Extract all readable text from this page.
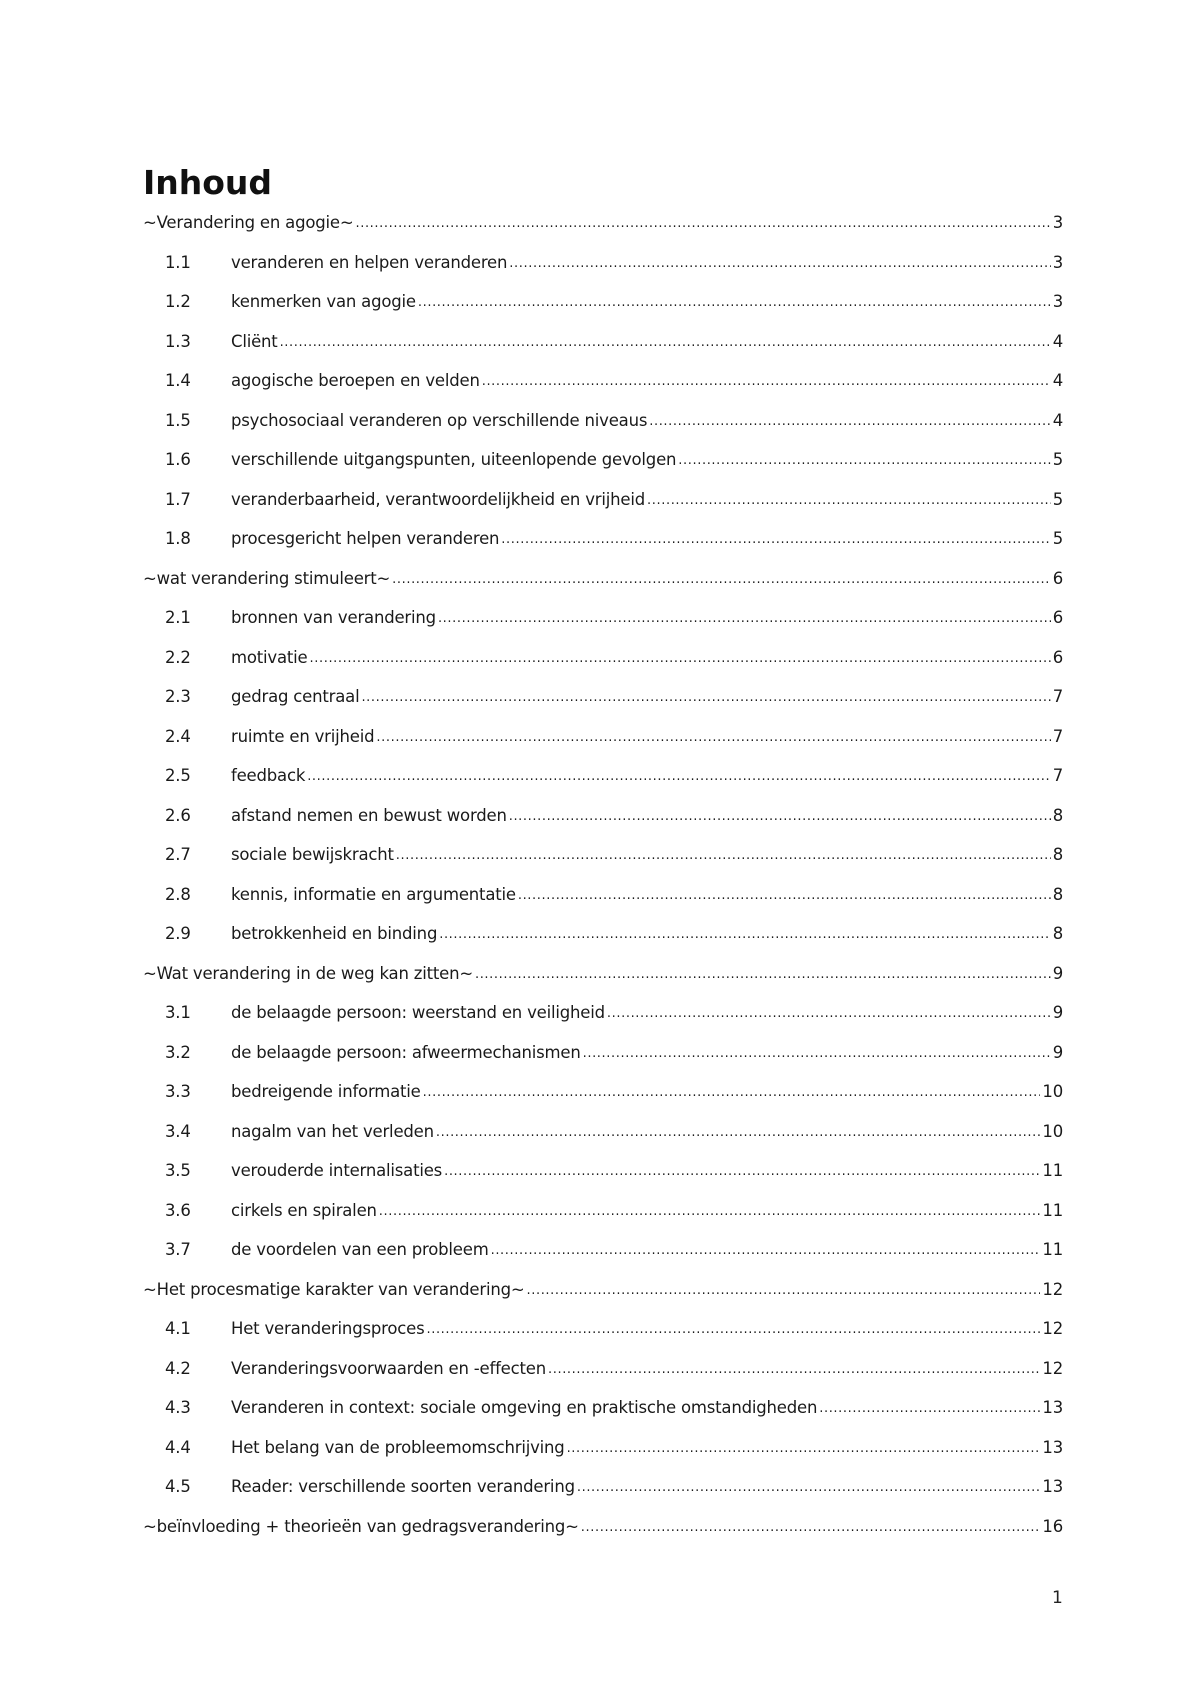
Inhoud
~Verandering en agogie~ .....	3
1.1	veranderen en helpen veranderen .....	3
1.2	kenmerken van agogie .....	3
1.3	Cliënt .....	4
1.4	agogische beroepen en velden .....	4
1.5	psychosociaal veranderen op verschillende niveaus .....	4
1.6	verschillende uitgangspunten, uiteenlopende gevolgen .....	5
1.7	veranderbaarheid, verantwoordelijkheid en vrijheid .....	5
1.8	procesgericht helpen veranderen .....	5
~wat verandering stimuleert~ .....	6
2.1	bronnen van verandering .....	6
2.2	motivatie .....	6
2.3	gedrag centraal .....	7
2.4	ruimte en vrijheid .....	7
2.5	feedback .....	7
2.6	afstand nemen en bewust worden .....	8
2.7	sociale bewijskracht .....	8
2.8	kennis, informatie en argumentatie .....	8
2.9	betrokkenheid en binding .....	8
~Wat verandering in de weg kan zitten~ .....	9
3.1	de belaagde persoon: weerstand en veiligheid .....	9
3.2	de belaagde persoon: afweermechanismen .....	9
3.3	bedreigende informatie .....	10
3.4	nagalm van het verleden .....	10
3.5	verouderde internalisaties .....	11
3.6	cirkels en spiralen .....	11
3.7	de voordelen van een probleem .....	11
~Het procesmatige karakter van verandering~ .....	12
4.1	Het veranderingsproces .....	12
4.2	Veranderingsvoorwaarden en -effecten .....	12
4.3	Veranderen in context: sociale omgeving en praktische omstandigheden .....	13
4.4	Het belang van de probleemomschrijving .....	13
4.5	Reader: verschillende soorten verandering .....	13
~beïnvloeding + theorieën van gedragsverandering~ .....	16
1
